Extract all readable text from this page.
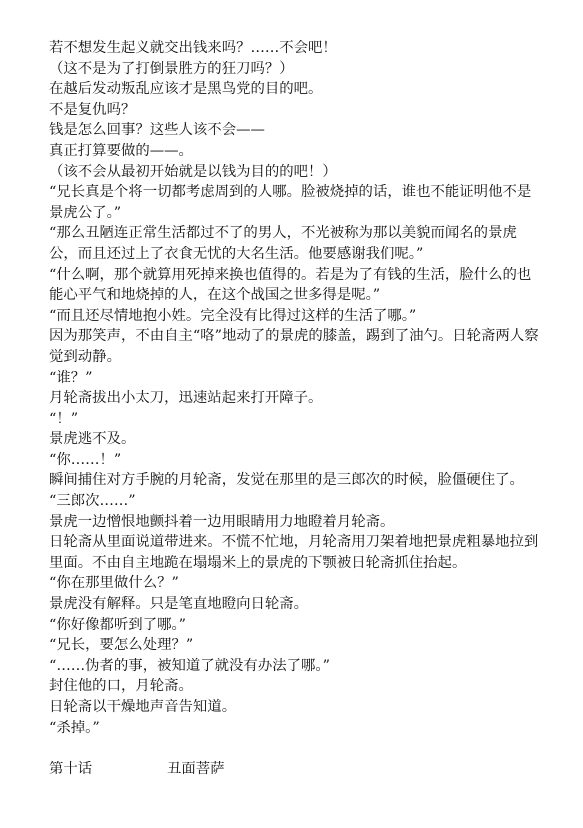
若不想发生起义就交出钱来吗？……不会吧！

（这不是为了打倒景胜方的狂刀吗？）

在越后发动叛乱应该才是黑鸟党的目的吧。

不是复仇吗？

钱是怎么回事？这些人该不会——

真正打算要做的——。

（该不会从最初开始就是以钱为目的的吧！）

“兄长真是个将一切都考虑周到的人哪。脸被烧掉的话，谁也不能证明他不是景虎公了。”

“那么丑陋连正常生活都过不了的男人，不光被称为那以美貌而闻名的景虎公，而且还过上了衣食无忧的大名生活。他要感谢我们呢。”

“什么啊，那个就算用死掉来换也值得的。若是为了有钱的生活，脸什么的也能心平气和地烧掉的人，在这个战国之世多得是呢。”

“而且还尽情地抱小姓。完全没有比得过这样的生活了哪。”

因为那笑声，不由自主“咯”地动了的景虎的膝盖，踢到了油勺。日轮斋两人察觉到动静。

“谁？”

月轮斋拔出小太刀，迅速站起来打开障子。

“！”

景虎逃不及。

“你……！”

瞬间捕住对方手腕的月轮斋，发觉在那里的是三郎次的时候，脸僵硬住了。

“三郎次……”

景虎一边憎恨地颤抖着一边用眼睛用力地瞪着月轮斋。

日轮斋从里面说道带进来。不慌不忙地，月轮斋用刀架着地把景虎粗暴地拉到里面。不由自主地跪在塌塌米上的景虎的下颚被日轮斋抓住抬起。

“你在那里做什么？”

景虎没有解释。只是笔直地瞪向日轮斋。

“你好像都听到了哪。”

“兄长，要怎么处理？”

“……伪者的事，被知道了就没有办法了哪。”

封住他的口，月轮斋。

日轮斋以干燥地声音告知道。

“杀掉。”

第十话	丑面菩萨
